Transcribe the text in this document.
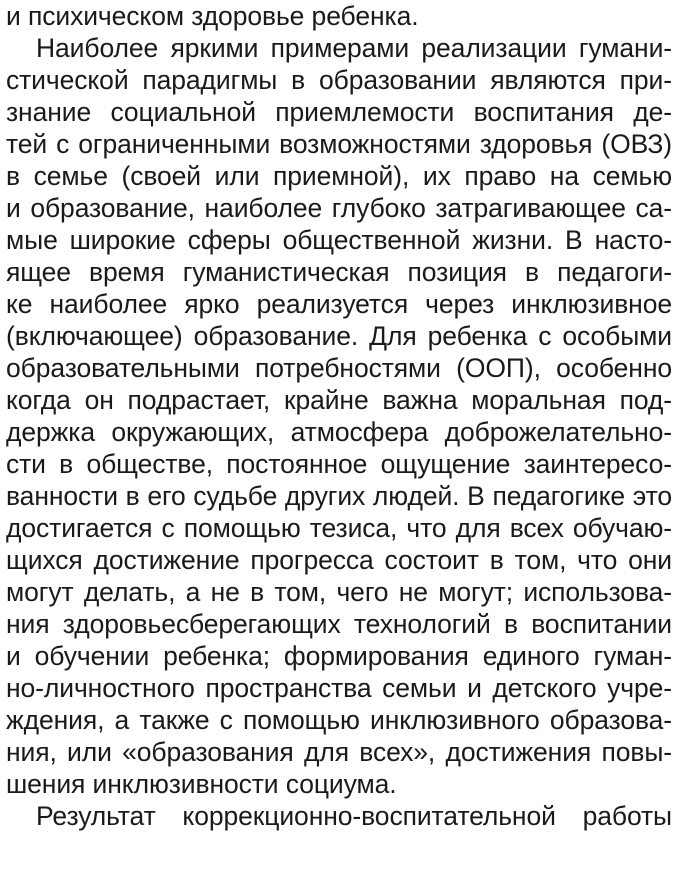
и психическом здоровье ребенка.
Наиболее яркими примерами реализации гумани-
стической парадигмы в образовании являются при-
знание социальной приемлемости воспитания де-
тей с ограниченными возможностями здоровья (ОВЗ)
в семье (своей или приемной), их право на семью
и образование, наиболее глубоко затрагивающее са-
мые широкие сферы общественной жизни. В насто-
ящее время гуманистическая позиция в педагоги-
ке наиболее ярко реализуется через инклюзивное
(включающее) образование. Для ребенка с особыми
образовательными потребностями (ООП), особенно
когда он подрастает, крайне важна моральная под-
держка окружающих, атмосфера доброжелательно-
сти в обществе, постоянное ощущение заинтересо-
ванности в его судьбе других людей. В педагогике это
достигается с помощью тезиса, что для всех обучаю-
щихся достижение прогресса состоит в том, что они
могут делать, а не в том, чего не могут; использова-
ния здоровьесберегающих технологий в воспитании
и обучении ребенка; формирования единого гуман-
но-личностного пространства семьи и детского учре-
ждения, а также с помощью инклюзивного образова-
ния, или «образования для всех», достижения повы-
шения инклюзивности социума.
Результат коррекционно-воспитательной работы
